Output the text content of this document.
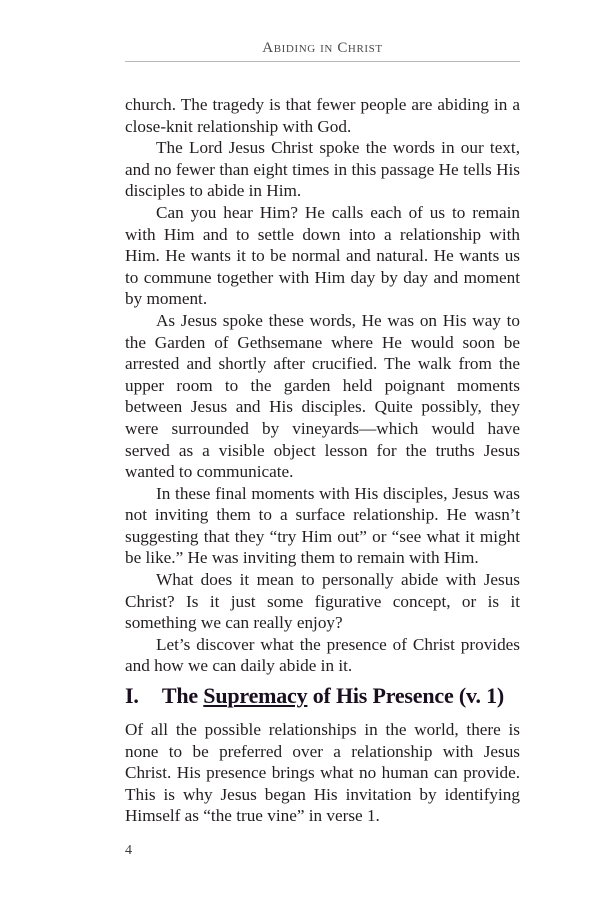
Abiding in Christ

church. The tragedy is that fewer people are abiding in a close-knit relationship with God.

The Lord Jesus Christ spoke the words in our text, and no fewer than eight times in this passage He tells His disciples to abide in Him.

Can you hear Him? He calls each of us to remain with Him and to settle down into a relationship with Him. He wants it to be normal and natural. He wants us to commune together with Him day by day and moment by moment.

As Jesus spoke these words, He was on His way to the Garden of Gethsemane where He would soon be arrested and shortly after crucified. The walk from the upper room to the garden held poignant moments between Jesus and His disciples. Quite possibly, they were surrounded by vineyards—which would have served as a visible object lesson for the truths Jesus wanted to communicate.

In these final moments with His disciples, Jesus was not inviting them to a surface relationship. He wasn’t suggesting that they “try Him out” or “see what it might be like.” He was inviting them to remain with Him.

What does it mean to personally abide with Jesus Christ? Is it just some figurative concept, or is it something we can really enjoy?

Let’s discover what the presence of Christ provides and how we can daily abide in it.

I. The Supremacy of His Presence (v. 1)

Of all the possible relationships in the world, there is none to be preferred over a relationship with Jesus Christ. His presence brings what no human can provide. This is why Jesus began His invitation by identifying Himself as “the true vine” in verse 1.

4
